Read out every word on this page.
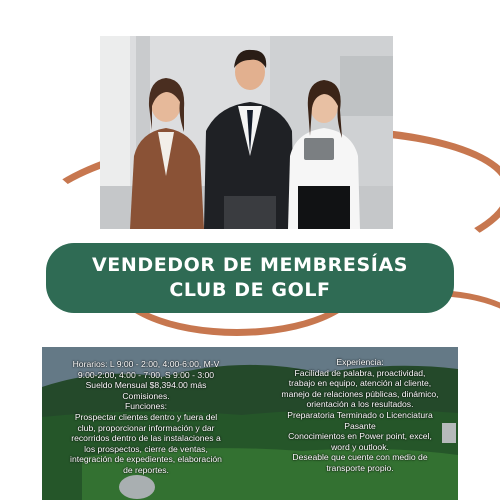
VENDEDOR DE MEMBRESÍAS CLUB DE GOLF

Horarios: L 9:00 - 2:00, 4:00-6:00, M-V

9:00-2:00, 4:00 - 7:00, S 9:00 - 3:00

Sueldo Mensual $8,394.00 más

Comisiones.

Funciones:

Prospectar clientes dentro y fuera del

club, proporcionar información y dar

recorridos dentro de las instalaciones a

los prospectos, cierre de ventas,

integración de expedientes, elaboración

de reportes.

Experiencia:

Facilidad de palabra, proactividad,

trabajo en equipo, atención al cliente,

manejo de relaciones públicas, dinámico,

orientación a los resultados.

Preparatoria Terminado o Licenciatura

Pasante

Conocimientos en Power point, excel,

word y outlook.

Deseable que cuente con medio de

transporte propio.
